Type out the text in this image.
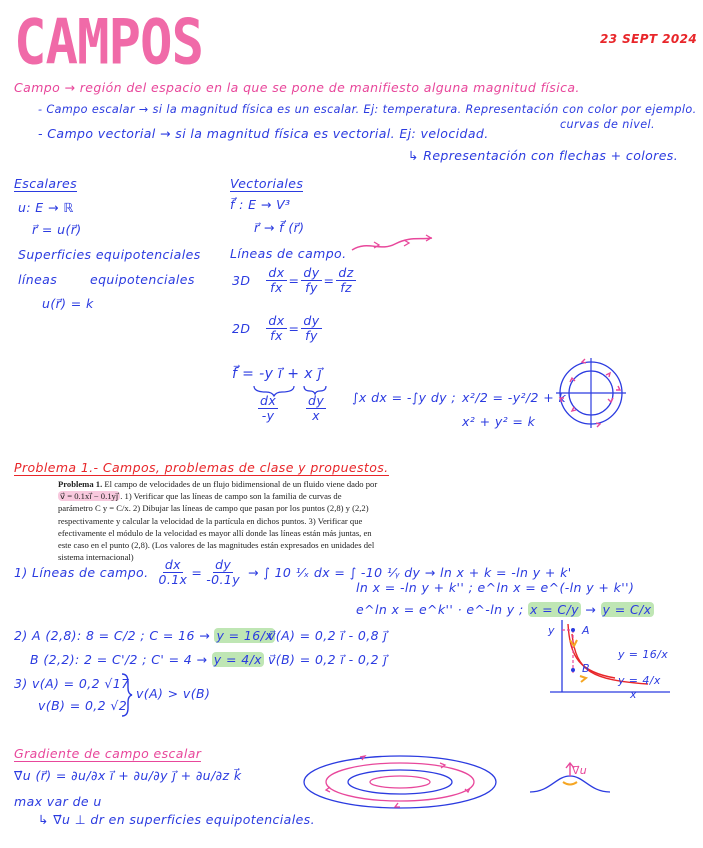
CAMPOS	23 SEPT 2024
Campo → región del espacio en la que se pone de manifiesto alguna magnitud física.
- Campo escalar → si la magnitud física es un escalar. Ej: temperatura. Representación con color por ejemplo.
curvas de nivel.
- Campo vectorial → si la magnitud física es vectorial. Ej: velocidad.
↳ Representación con flechas + colores.
Escalares
u: E → ℝ
r⃗ = u(r⃗)
Superficies equipotenciales
líneas	equipotenciales
u(r⃗) = k
Vectoriales
f⃗ : E → V³
r⃗ → f⃗ (r⃗)
Líneas de campo.
$3D \frac{dx}{fx} = \frac{dy}{fy} = \frac{dz}{fz}$
$2D \frac{dx}{fx} = \frac{dy}{fy}$
f⃗ = -y i⃗ + x j⃗
$\frac{dx}{-y} \frac{dy}{x} \int x$ dx = -∫y dy ; x²/2 = -y²/2 + k
x² + y² = k
Problema 1.- Campos, problemas de clase y propuestos.
Problema 1. El campo de velocidades de un flujo bidimensional de un fluido viene dado por v⃗ = 0.1xi⃗ − 0.1yj⃗ . 1) Verificar que las líneas de campo son la familia de curvas de parámetro C y = C/x. 2) Dibujar las líneas de campo que pasan por los puntos (2,8) y (2,2) respectivamente y calcular la velocidad de la partícula en dichos puntos. 3) Verificar que efectivamente el módulo de la velocidad es mayor allí donde las líneas están más juntas, en este caso en el punto (2,8). (Los valores de las magnitudes están expresados en unidades del sistema internacional)
1) Líneas de campo. $\frac{dx}{0.1x} = \frac{dy}{-0.1y}$ → ∫ 10 ¹⁄ₓ dx = ∫ -10 ¹⁄ᵧ dy → ln x + k = -ln y + k'
ln x = -ln y + k'' ; e^ln x = e^(-ln y + k'')
e^ln x = e^k'' · e^-ln y ; x = C/y → y = C/x
2) A (2,8): 8 = C/2 ; C = 16 → y = 16/x
v⃗(A) = 0,2 i⃗ - 0,8 j⃗
B (2,2): 2 = C'/2 ; C' = 4 → y = 4/x v⃗(B) = 0,2 i⃗ - 0,2 j⃗
3) v(A) = 0,2 √17
v(B) = 0,2 √2
v(A) > v(B)
y
x
A
B
y = 16/x
y = 4/x
Gradiente de campo escalar
∇⃗u (r⃗) = ∂u/∂x i⃗ + ∂u/∂y j⃗ + ∂u/∂z k⃗
max var de u
↳ ∇⃗u ⊥ dr en superficies equipotenciales.
∇⃗u
